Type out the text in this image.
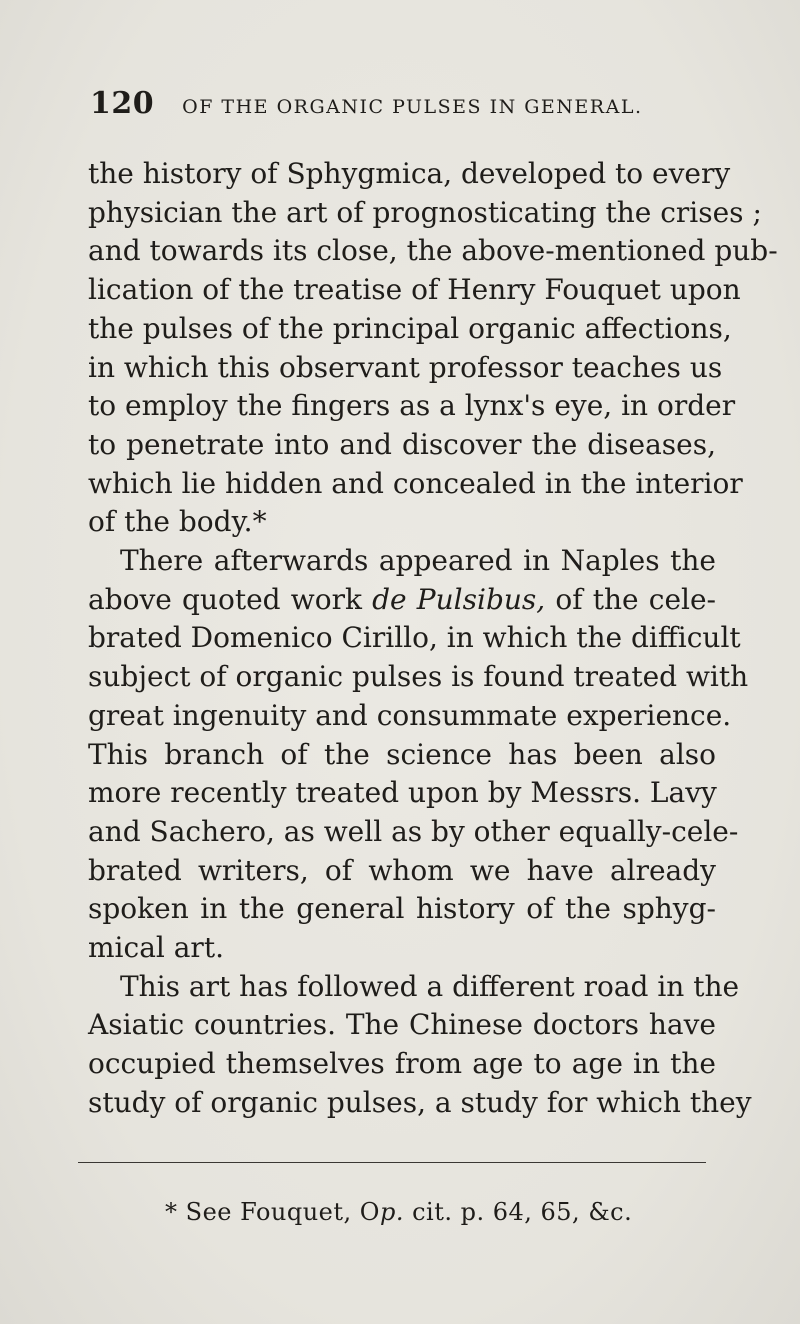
120 OF THE ORGANIC PULSES IN GENERAL.

the history of Sphygmica, developed to every
physician the art of prognosticating the crises ;
and towards its close, the above-mentioned pub-
lication of the treatise of Henry Fouquet upon
the pulses of the principal organic affections,
in which this observant professor teaches us
to employ the fingers as a lynx's eye, in order
to penetrate into and discover the diseases,
which lie hidden and concealed in the interior
of the body.*

There afterwards appeared in Naples the
above quoted work de Pulsibus, of the cele-
brated Domenico Cirillo, in which the difficult
subject of organic pulses is found treated with
great ingenuity and consummate experience.
This branch of the science has been also
more recently treated upon by Messrs. Lavy
and Sachero, as well as by other equally-cele-
brated writers, of whom we have already
spoken in the general history of the sphyg-
mical art.

This art has followed a different road in the
Asiatic countries. The Chinese doctors have
occupied themselves from age to age in the
study of organic pulses, a study for which they

* See Fouquet, Op. cit. p. 64, 65, &c.
